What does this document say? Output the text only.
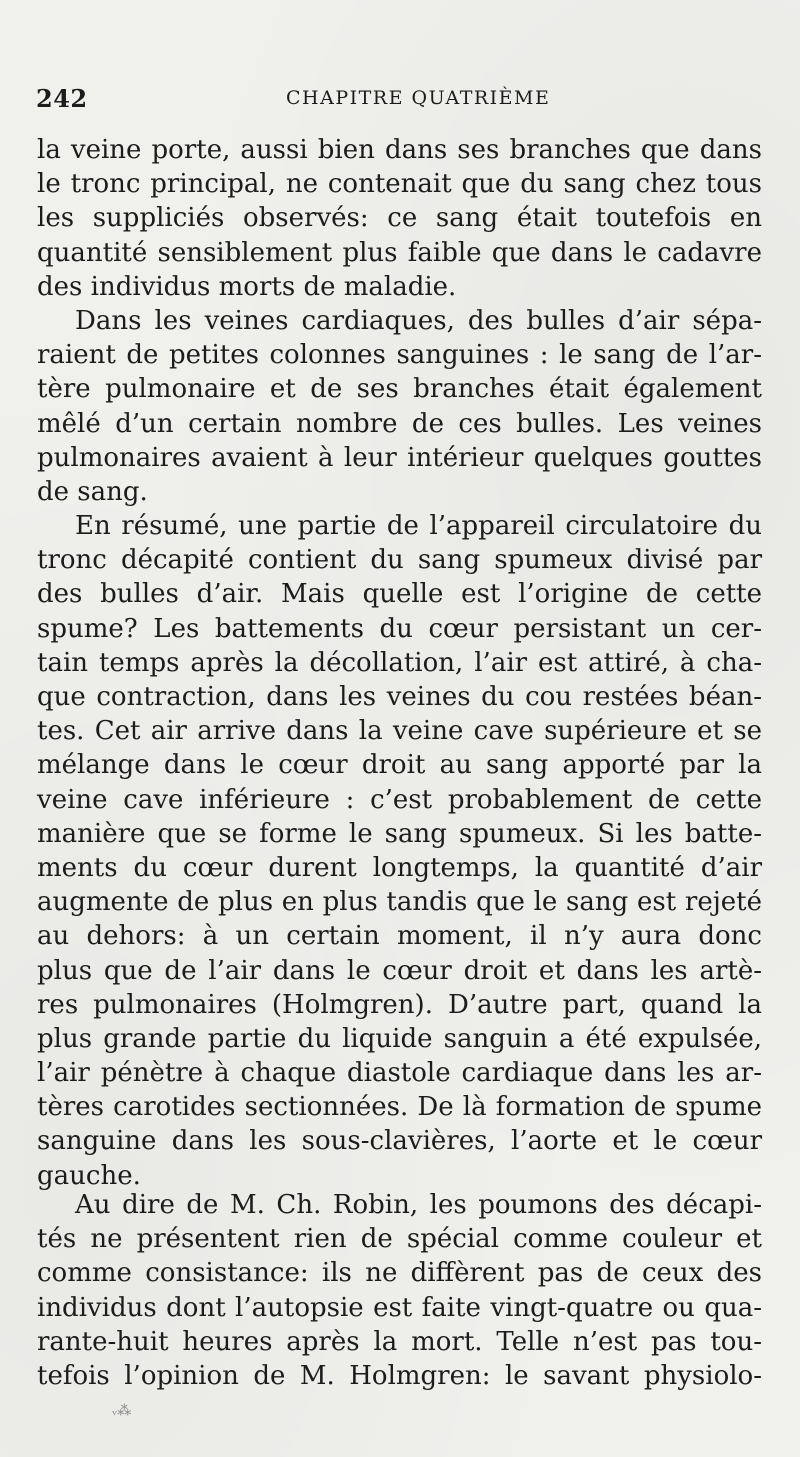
242	CHAPITRE QUATRIÈME
la veine porte, aussi bien dans ses branches que dans
le tronc principal, ne contenait que du sang chez tous
les suppliciés observés: ce sang était toutefois en
quantité sensiblement plus faible que dans le cadavre
des individus morts de maladie.
Dans les veines cardiaques, des bulles d’air sépa-
raient de petites colonnes sanguines : le sang de l’ar-
tère pulmonaire et de ses branches était également
mêlé d’un certain nombre de ces bulles. Les veines
pulmonaires avaient à leur intérieur quelques gouttes
de sang.
En résumé, une partie de l’appareil circulatoire du
tronc décapité contient du sang spumeux divisé par
des bulles d’air. Mais quelle est l’origine de cette
spume? Les battements du cœur persistant un cer-
tain temps après la décollation, l’air est attiré, à cha-
que contraction, dans les veines du cou restées béan-
tes. Cet air arrive dans la veine cave supérieure et se
mélange dans le cœur droit au sang apporté par la
veine cave inférieure : c’est probablement de cette
manière que se forme le sang spumeux. Si les batte-
ments du cœur durent longtemps, la quantité d’air
augmente de plus en plus tandis que le sang est rejeté
au dehors: à un certain moment, il n’y aura donc
plus que de l’air dans le cœur droit et dans les artè-
res pulmonaires (Holmgren). D’autre part, quand la
plus grande partie du liquide sanguin a été expulsée,
l’air pénètre à chaque diastole cardiaque dans les ar-
tères carotides sectionnées. De là formation de spume
sanguine dans les sous-clavières, l’aorte et le cœur
gauche.
Au dire de M. Ch. Robin, les poumons des décapi-
tés ne présentent rien de spécial comme couleur et
comme consistance: ils ne diffèrent pas de ceux des
individus dont l’autopsie est faite vingt-quatre ou qua-
rante-huit heures après la mort. Telle n’est pas tou-
tefois l’opinion de M. Holmgren: le savant physiolo-
ᵥ⁂
